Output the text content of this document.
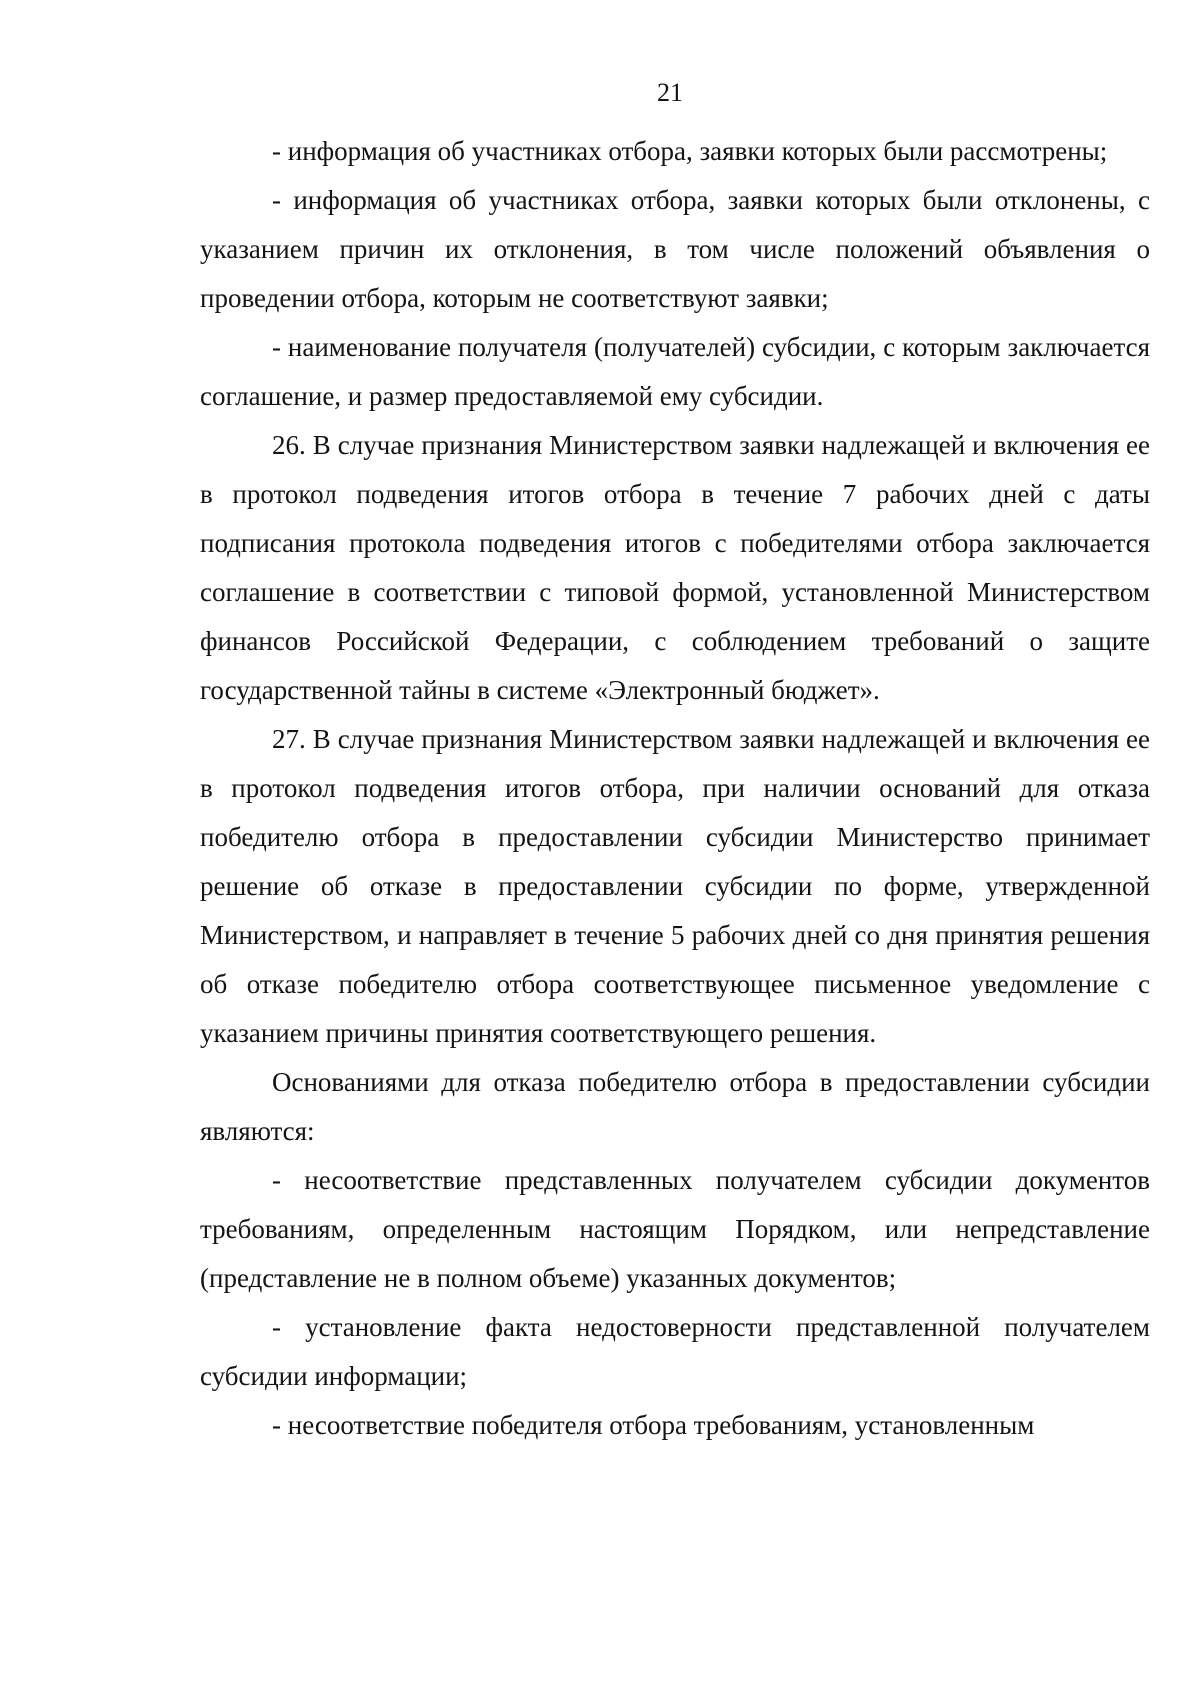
21

- информация об участниках отбора, заявки которых были рассмотрены;

- информация об участниках отбора, заявки которых были отклонены, с указанием причин их отклонения, в том числе положений объявления о проведении отбора, которым не соответствуют заявки;

- наименование получателя (получателей) субсидии, с которым заключается соглашение, и размер предоставляемой ему субсидии.

26. В случае признания Министерством заявки надлежащей и включения ее в протокол подведения итогов отбора в течение 7 рабочих дней с даты подписания протокола подведения итогов с победителями отбора заключается соглашение в соответствии с типовой формой, установленной Министерством финансов Российской Федерации, с соблюдением требований о защите государственной тайны в системе «Электронный бюджет».

27. В случае признания Министерством заявки надлежащей и включения ее в протокол подведения итогов отбора, при наличии оснований для отказа победителю отбора в предоставлении субсидии Министерство принимает решение об отказе в предоставлении субсидии по форме, утвержденной Министерством, и направляет в течение 5 рабочих дней со дня принятия решения об отказе победителю отбора соответствующее письменное уведомление с указанием причины принятия соответствующего решения.

Основаниями для отказа победителю отбора в предоставлении субсидии являются:

- несоответствие представленных получателем субсидии документов требованиям, определенным настоящим Порядком, или непредставление (представление не в полном объеме) указанных документов;

- установление факта недостоверности представленной получателем субсидии информации;

- несоответствие победителя отбора требованиям, установленным
